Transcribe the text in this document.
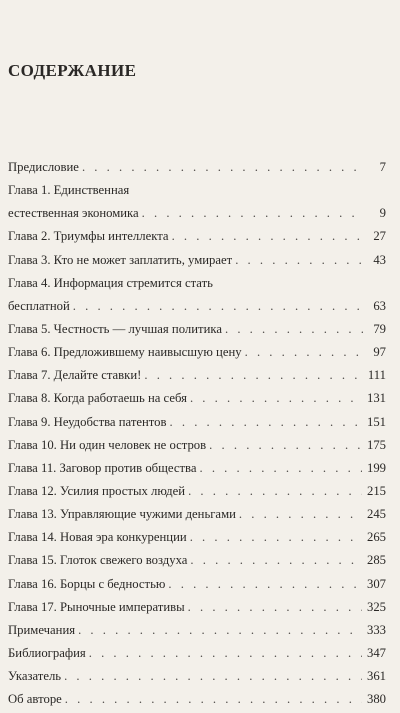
СОДЕРЖАНИЕ
Предисловие . . .	7
Глава 1. Единственная
естественная экономика . . .	9
Глава 2. Триумфы интеллекта . . .	27
Глава 3. Кто не может заплатить, умирает . . .	43
Глава 4. Информация стремится стать
бесплатной . . .	63
Глава 5. Честность — лучшая политика . . .	79
Глава 6. Предложившему наивысшую цену . . .	97
Глава 7. Делайте ставки! . . .	111
Глава 8. Когда работаешь на себя . . .	131
Глава 9. Неудобства патентов . . .	151
Глава 10. Ни один человек не остров . . .	175
Глава 11. Заговор против общества . . .	199
Глава 12. Усилия простых людей . . .	215
Глава 13. Управляющие чужими деньгами . . .	245
Глава 14. Новая эра конкуренции . . .	265
Глава 15. Глоток свежего воздуха . . .	285
Глава 16. Борцы с бедностью . . .	307
Глава 17. Рыночные императивы . . .	325
Примечания . . .	333
Библиография . . .	347
Указатель . . .	361
Об авторе . . .	380
